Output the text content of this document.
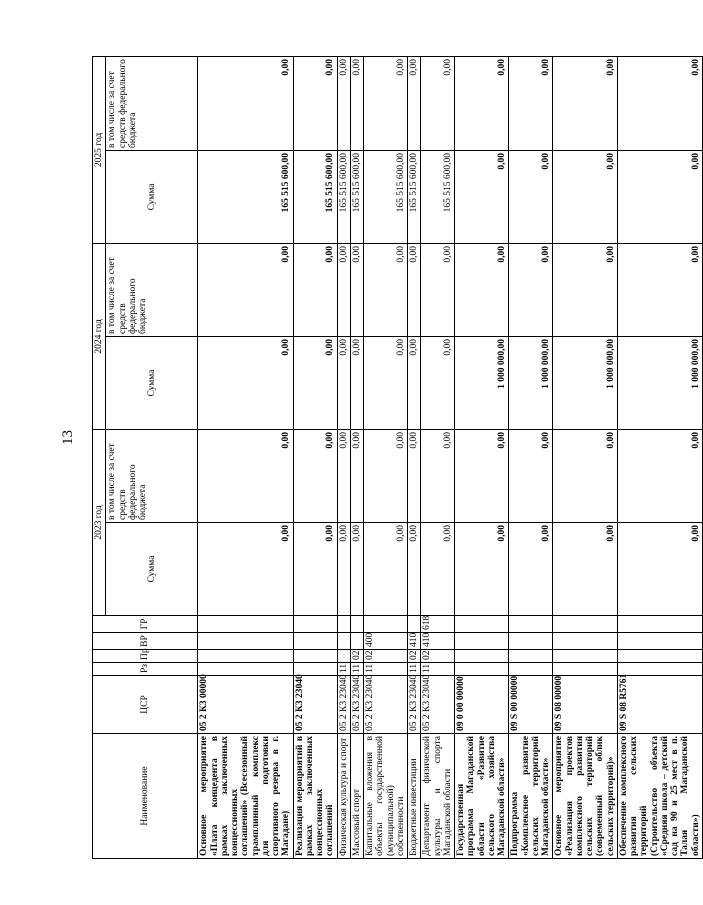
13
Наименование	ЦСР	Рз	Пр	ВР	ГР	2023 год		2024 год		2025 год	
						Сумма	в том числе за счет средств федерального бюджета	Сумма	в том числе за счет средств федерального бюджета	Сумма	в том числе за счет средств федерального бюджета
Основное мероприятие «Плата концедента в рамках заключенных концессионных соглашений» (Всесезонный трамплинный комплекс для подготовки спортивного резерва в г. Магадане)	05 2 К3 00000					0,00	0,00	0,00	0,00	165 515 600,00	0,00
Реализация мероприятий в рамках заключенных концессионных соглашений	05 2 К3 23040					0,00	0,00	0,00	0,00	165 515 600,00	0,00
Физическая культура и спорт	05 2 К3 23040	11				0,00	0,00	0,00	0,00	165 515 600,00	0,00
Массовый спорт	05 2 К3 23040	11	02			0,00	0,00	0,00	0,00	165 515 600,00	0,00
Капитальные вложения в объекты государственной (муниципальной) собственности	05 2 К3 23040	11	02	400		0,00	0,00	0,00	0,00	165 515 600,00	0,00
Бюджетные инвестиции	05 2 К3 23040	11	02	410		0,00	0,00	0,00	0,00	165 515 600,00	0,00
Департамент физической культуры и спорта Магаданской области	05 2 К3 23040	11	02	410	618	0,00	0,00	0,00	0,00	165 515 600,00	0,00
Государственная программа Магаданской области «Развитие сельского хозяйства Магаданской области»	09 0 00 00000					0,00	0,00	1 000 000,00	0,00	0,00	0,00
Подпрограмма «Комплексное развитие сельских территорий Магаданской области»	09 S 00 00000					0,00	0,00	1 000 000,00	0,00	0,00	0,00
Основное мероприятие «Реализация проектов комплексного развития сельских территорий (современный облик сельских территорий)»	09 S 08 00000					0,00	0,00	1 000 000,00	0,00	0,00	0,00
Обеспечение комплексного развития сельских территорий (Строительство объекта «Средняя школа – детский сад на 90 и 25 мест в п. Талая Магаданской области»)	09 S 08 R5761					0,00	0,00	1 000 000,00	0,00	0,00	0,00
